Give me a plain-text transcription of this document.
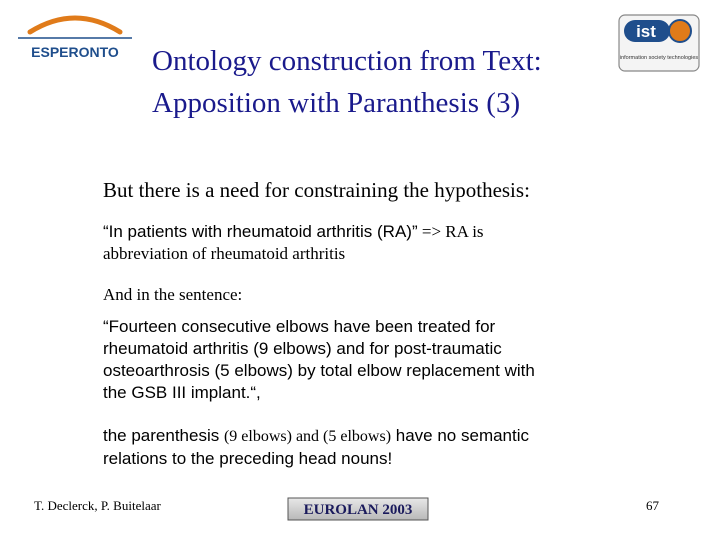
ESPERONTO
ist
information society technologies
Ontology construction from Text:
Apposition with Paranthesis (3)
But there is a need for constraining the hypothesis:
“In patients with rheumatoid arthritis (RA)” => RA is
abbreviation of rheumatoid arthritis
And in the sentence:
“Fourteen consecutive elbows have been treated for
rheumatoid arthritis (9 elbows) and for post-traumatic
osteoarthrosis (5 elbows) by total elbow replacement with
the GSB III implant.“,
the parenthesis (9 elbows) and (5 elbows) have no semantic
relations to the preceding head nouns!
T. Declerck, P. Buitelaar	EUROLAN 2003	67
